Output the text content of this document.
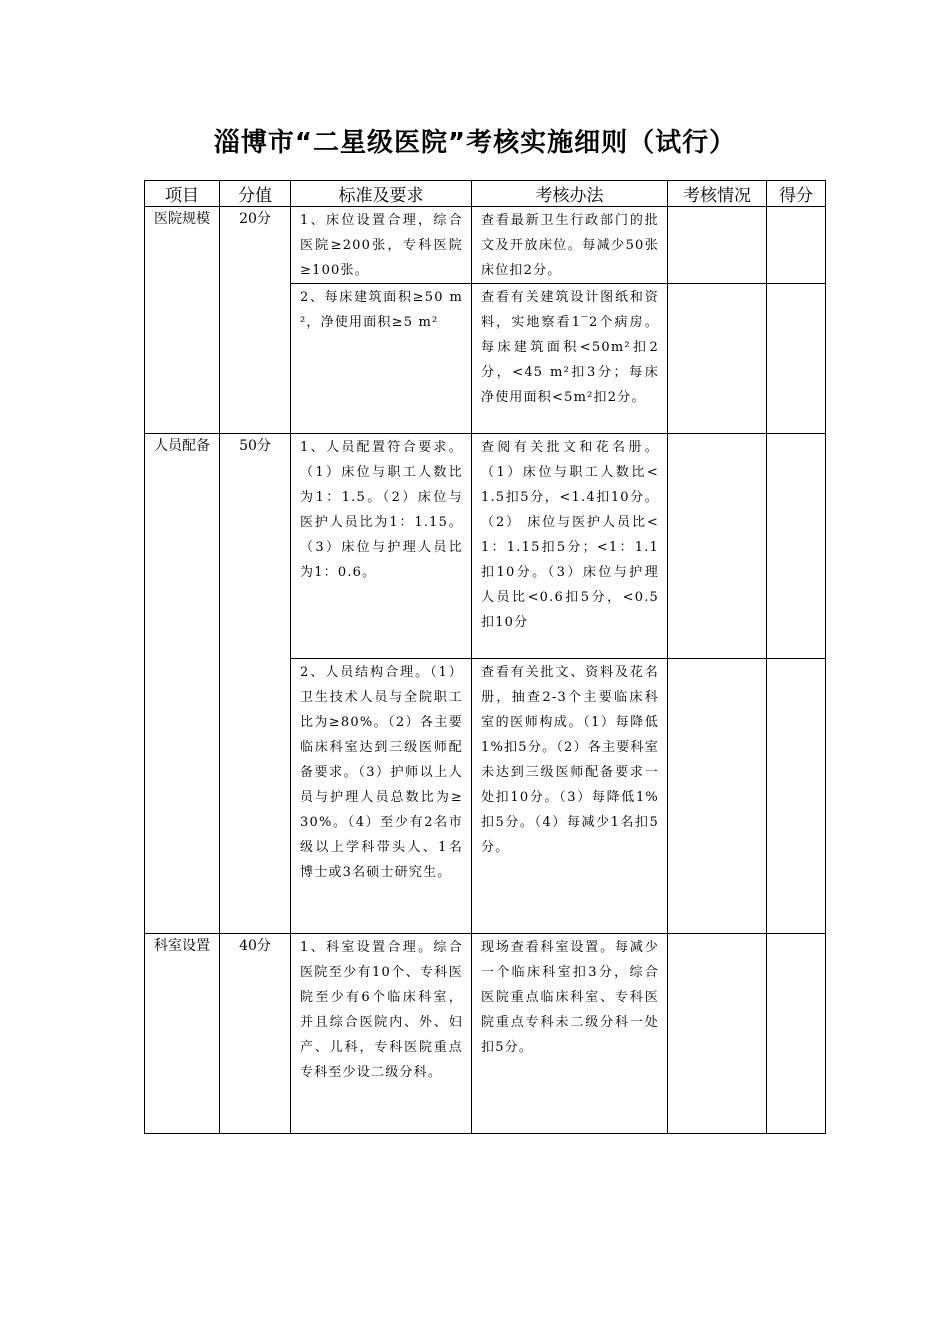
淄博市“二星级医院”考核实施细则（试行）
项目	分值	标准及要求	考核办法	考核情况	得分
医院规模	20分	1、床位设置合理，综合医院≥200张，专科医院≥100张。	查看最新卫生行政部门的批文及开放床位。每减少50张床位扣2分。		

		2、每床建筑面积≥50 m²，净使用面积≥5 m²	查看有关建筑设计图纸和资料，实地察看1‾2个病房。每床建筑面积<50m²扣2分，<45 m²扣3分；每床净使用面积<5m²扣2分。		

人员配备	50分	1、人员配置符合要求。（1）床位与职工人数比为1：1.5。（2）床位与医护人员比为1：1.15。（3）床位与护理人员比为1：0.6。	查阅有关批文和花名册。（1）床位与职工人数比<1.5扣5分，<1.4扣10分。（2） 床位与医护人员比<1：1.15扣5分；<1：1.1扣10分。（3）床位与护理人员比<0.6扣5分，<0.5扣10分		

		2、人员结构合理。（1）卫生技术人员与全院职工比为≥80%。（2）各主要临床科室达到三级医师配备要求。（3）护师以上人员与护理人员总数比为≥30%。（4）至少有2名市级以上学科带头人、1名博士或3名硕士研究生。	查看有关批文、资料及花名册，抽查2-3个主要临床科室的医师构成。（1）每降低1%扣5分。（2）各主要科室未达到三级医师配备要求一处扣10分。（3）每降低1%扣5分。（4）每减少1名扣5分。		

科室设置	40分	1、科室设置合理。综合医院至少有10个、专科医院至少有6个临床科室，并且综合医院内、外、妇产、儿科，专科医院重点专科至少设二级分科。	现场查看科室设置。每减少一个临床科室扣3分，综合医院重点临床科室、专科医院重点专科未二级分科一处扣5分。		
